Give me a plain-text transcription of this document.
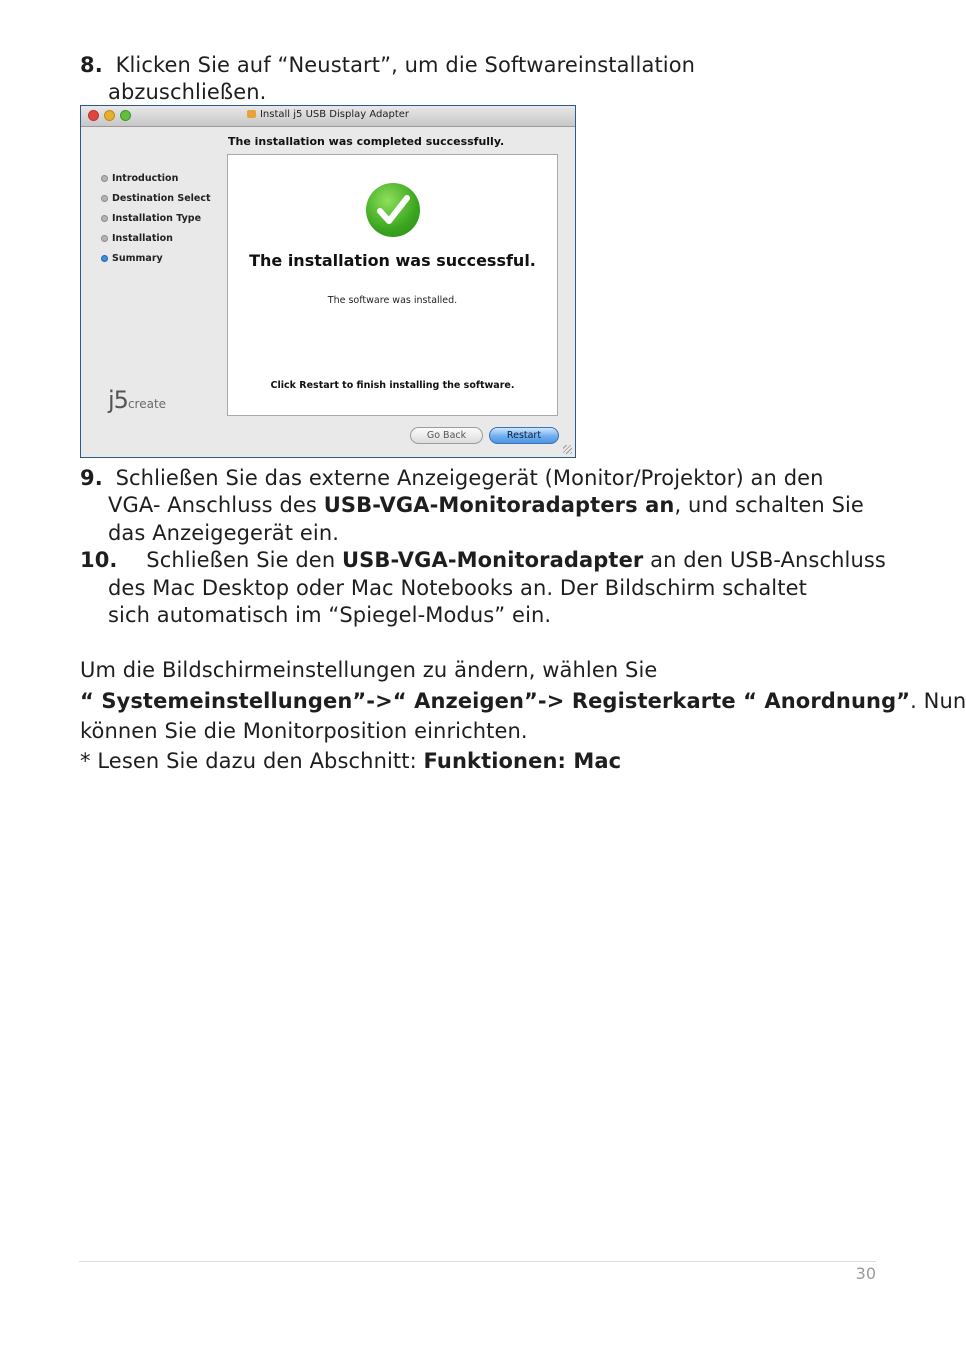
8. Klicken Sie auf “Neustart”, um die Softwareinstallation
abzuschließen.
Install j5 USB Display Adapter
The installation was completed successfully.
Introduction
Destination Select
Installation Type
Installation
Summary
j5create
The installation was successful.
The software was installed.
Click Restart to finish installing the software.
Go Back	Restart
9. Schließen Sie das externe Anzeigegerät (Monitor/Projektor) an den
VGA- Anschluss des USB-VGA-Monitoradapters an, und schalten Sie
das Anzeigegerät ein.
10. Schließen Sie den USB-VGA-Monitoradapter an den USB-Anschluss
des Mac Desktop oder Mac Notebooks an. Der Bildschirm schaltet
sich automatisch im “Spiegel-Modus” ein.
Um die Bildschirmeinstellungen zu ändern, wählen Sie
“ Systemeinstellungen”->“ Anzeigen”-> Registerkarte “ Anordnung”. Nun
können Sie die Monitorposition einrichten.
* Lesen Sie dazu den Abschnitt: Funktionen: Mac
30
